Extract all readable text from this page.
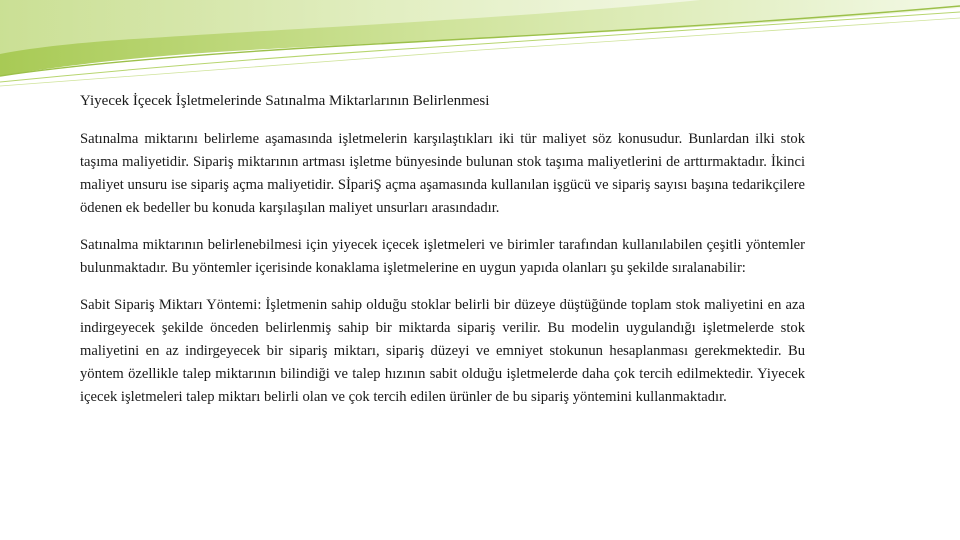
Yiyecek İçecek İşletmelerinde Satınalma Miktarlarının Belirlenmesi
Satınalma miktarını belirleme aşamasında işletmelerin karşılaştıkları iki tür maliyet söz konusudur. Bunlardan ilki stok taşıma maliyetidir. Sipariş miktarının artması işletme bünyesinde bulunan stok taşıma maliyetlerini de arttırmaktadır. İkinci maliyet unsuru ise sipariş açma maliyetidir. SİpariŞ açma aşamasında kullanılan işgücü ve sipariş sayısı başına tedarikçilere ödenen ek bedeller bu konuda karşılaşılan maliyet unsurları arasındadır.
Satınalma miktarının belirlenebilmesi için yiyecek içecek işletmeleri ve birimler tarafından kullanılabilen çeşitli yöntemler bulunmaktadır. Bu yöntemler içerisinde konaklama işletmelerine en uygun yapıda olanları şu şekilde sıralanabilir:
Sabit Sipariş Miktarı Yöntemi: İşletmenin sahip olduğu stoklar belirli bir düzeye düştüğünde toplam stok maliyetini en aza indirgeyecek şekilde önceden belirlenmiş sahip bir miktarda sipariş verilir. Bu modelin uygulandığı işletmelerde stok maliyetini en az indirgeyecek bir sipariş miktarı, sipariş düzeyi ve emniyet stokunun hesaplanması gerekmektedir. Bu yöntem özellikle talep miktarının bilindiği ve talep hızının sabit olduğu işletmelerde daha çok tercih edilmektedir. Yiyecek içecek işletmeleri talep miktarı belirli olan ve çok tercih edilen ürünler de bu sipariş yöntemini kullanmaktadır.
